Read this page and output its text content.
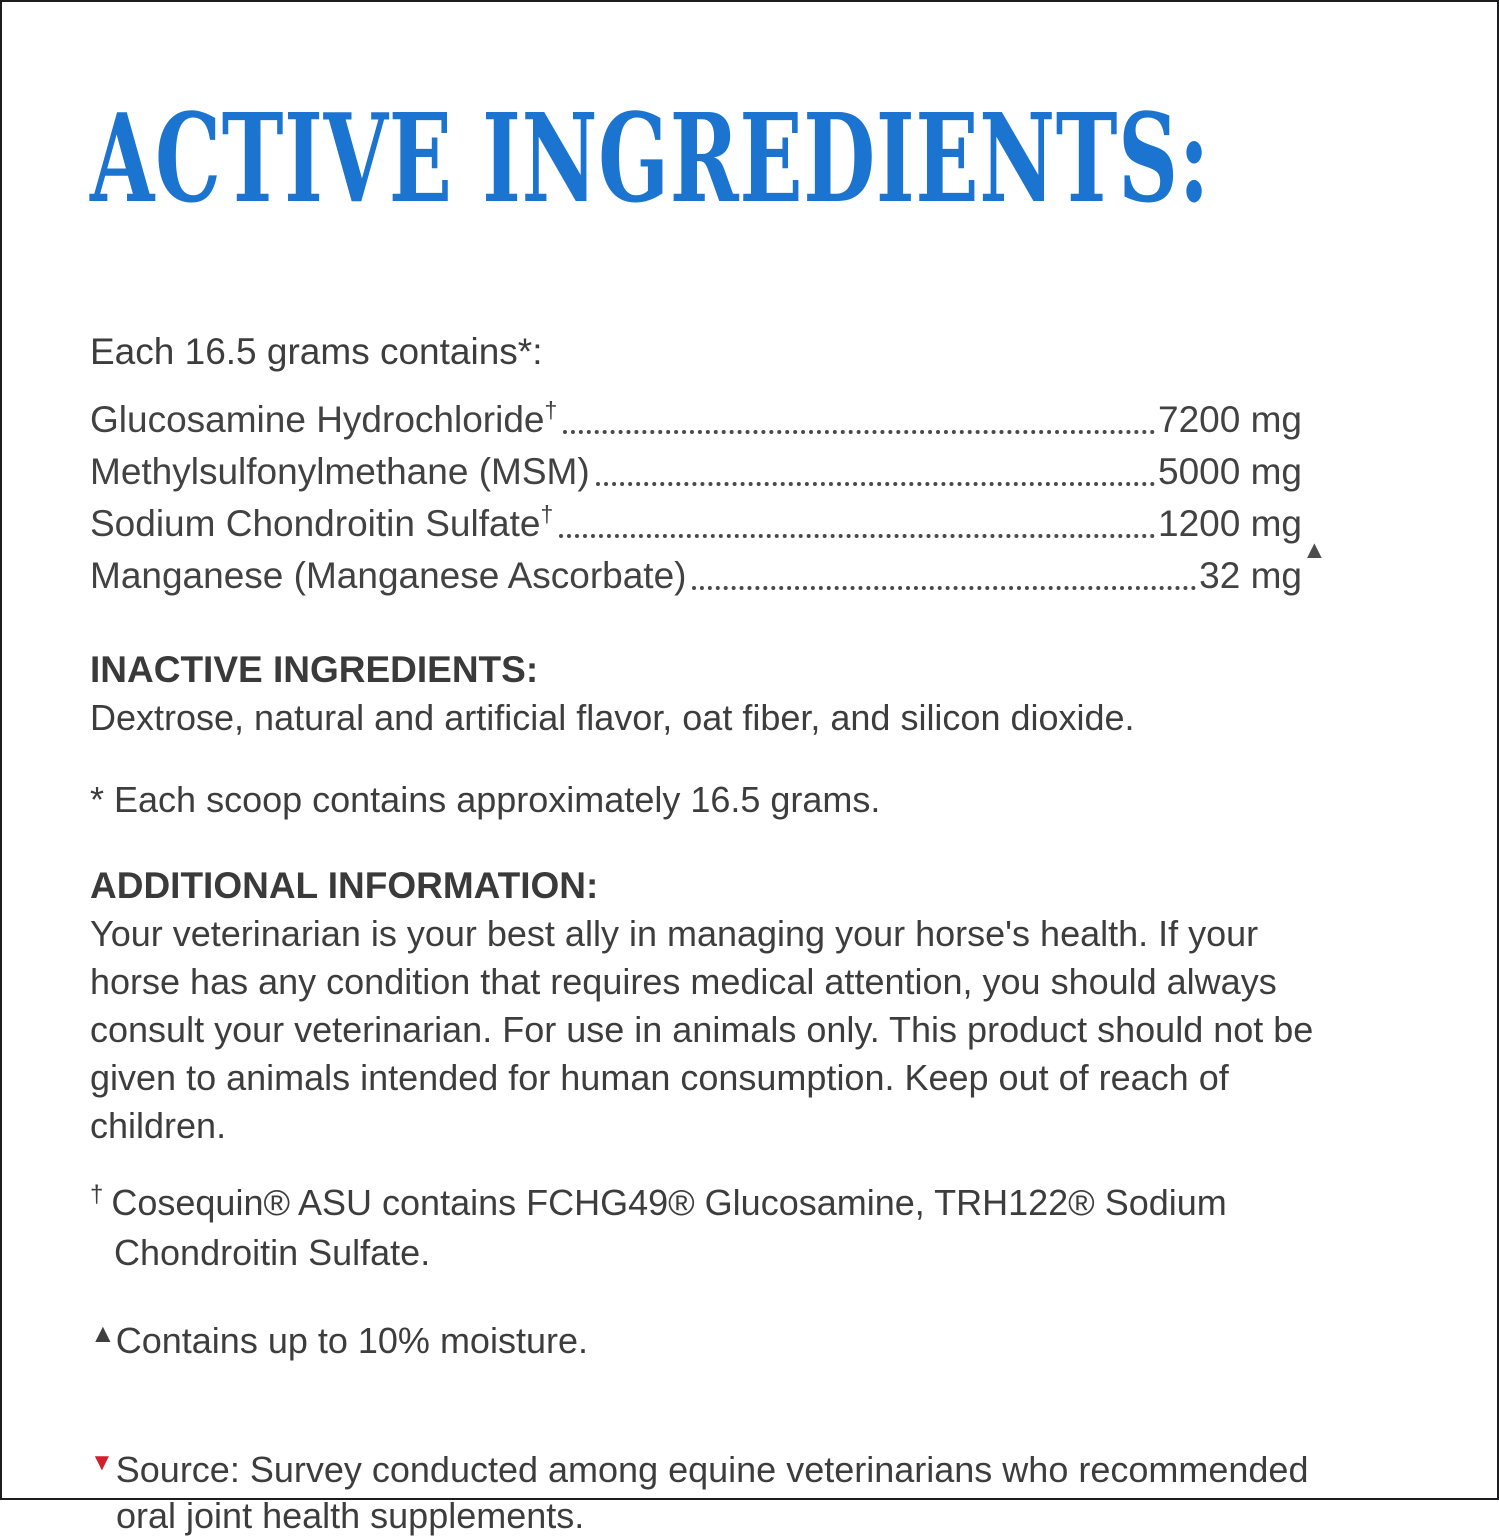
ACTIVE INGREDIENTS:
Each 16.5 grams contains*:
Glucosamine Hydrochloride†	7200 mg
Methylsulfonylmethane (MSM)	5000 mg
Sodium Chondroitin Sulfate†	1200 mg
▲
Manganese (Manganese Ascorbate)	32 mg
INACTIVE INGREDIENTS:
Dextrose, natural and artificial flavor, oat fiber, and silicon dioxide.
* Each scoop contains approximately 16.5 grams.
ADDITIONAL INFORMATION:
Your veterinarian is your best ally in managing your horse's health. If your horse has any condition that requires medical attention, you should always consult your veterinarian. For use in animals only. This product should not be given to animals intended for human consumption. Keep out of reach of children.
† Cosequin® ASU contains FCHG49® Glucosamine, TRH122® Sodium Chondroitin Sulfate.
▲Contains up to 10% moisture.
▼Source: Survey conducted among equine veterinarians who recommended oral joint health supplements.
